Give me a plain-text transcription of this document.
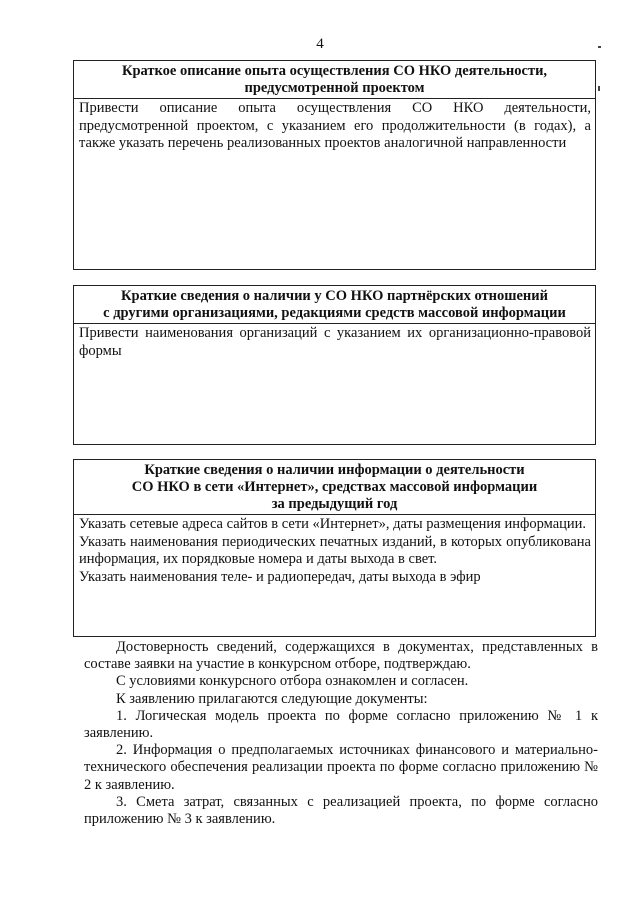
4
Краткое описание опыта осуществления СО НКО деятельности,
предусмотренной проектом

Привести описание опыта осуществления СО НКО деятельности, предусмотренной проектом, с указанием его продолжительности (в годах), а также указать перечень реализованных проектов аналогичной направленности

Краткие сведения о наличии у СО НКО партнёрских отношений
с другими организациями, редакциями средств массовой информации

Привести наименования организаций с указанием их организационно-правовой формы

Краткие сведения о наличии информации о деятельности
СО НКО в сети «Интернет», средствах массовой информации
за предыдущий год

Указать сетевые адреса сайтов в сети «Интернет», даты размещения информации.

Указать наименования периодических печатных изданий, в которых опубликована информация, их порядковые номера и даты выхода в свет.

Указать наименования теле- и радиопередач, даты выхода в эфир

Достоверность сведений, содержащихся в документах, представленных в составе заявки на участие в конкурсном отборе, подтверждаю.

С условиями конкурсного отбора ознакомлен и согласен.

К заявлению прилагаются следующие документы:

1. Логическая модель проекта по форме согласно приложению № 1 к заявлению.

2. Информация о предполагаемых источниках финансового и материально-технического обеспечения реализации проекта по форме согласно приложению № 2 к заявлению.

3. Смета затрат, связанных с реализацией проекта, по форме согласно приложению № 3 к заявлению.
